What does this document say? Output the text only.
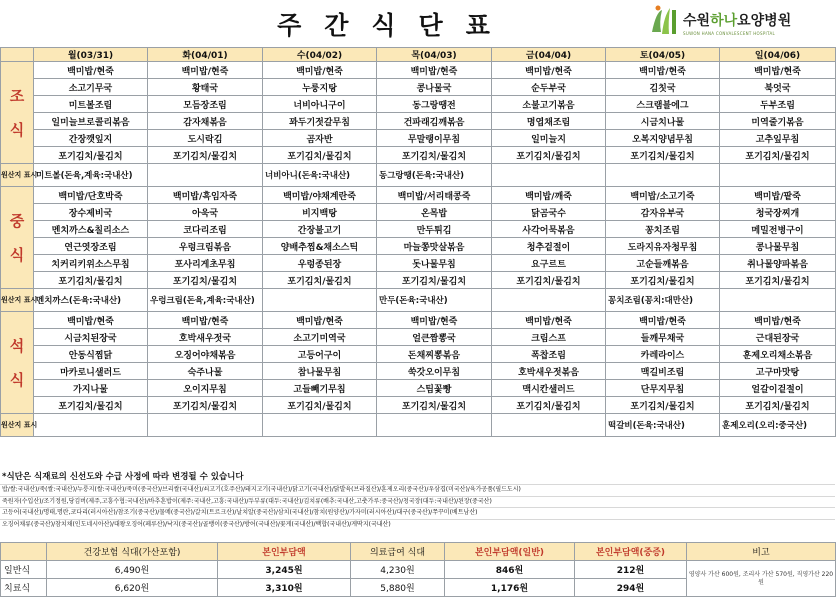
주간식단표	수원하나요양병원
SUWON HANA CONVALESCENT HOSPITAL
	월(03/31)	화(04/01)	수(04/02)	목(04/03)	금(04/04)	토(04/05)	일(04/06)

조
식	백미밥/현죽	백미밥/현죽	백미밥/현죽	백미밥/현죽	백미밥/현죽	백미밥/현죽	백미밥/현죽
	소고기무국	황태국	누룽지탕	콩나물국	순두부국	김칫국	북엇국
	미트볼조림	모듬장조림	너비아니구이	동그랑땡전	소불고기볶음	스크램블에그	두부조림
	일미늘브로콜리볶음	감자채볶음	꽈두기젓갈무침	건파래김깨볶음	명엽채조림	시금치나물	미역줄기볶음
	간장깻잎지	도시락김	곰자반	무말랭이무침	일미늘지	오복지양념무침	고추잎무침
	포기김치/물김치	포기김치/물김치	포기김치/물김치	포기김치/물김치	포기김치/물김치	포기김치/물김치	포기김치/물김치
원산지 표시	미트볼(돈육,계육:국내산)		너비아니(돈육:국내산)	동그랑땡(돈육:국내산)			

중
식	백미밥/단호박죽	백미밥/흑임자죽	백미밥/야채계란죽	백미밥/서리태콩죽	백미밥/깨죽	백미밥/소고기죽	백미밥/팥죽
	장수제비국	아욱국	비지백탕	온목밥	닭곰국수	감자유부국	청국장찌개
	멘치까스&칠리소스	코다리조림	간장불고기	만두튀김	사각어묵볶음	꽁치조림	메밀전병구이
	연근엿장조림	우렁크림볶음	양배추찜&채소스틱	마늘쫑맛살볶음	청추겉절이	도라지유자청무침	콩나물무침
	치커리키위소스무침	포사리게초무침	우렁종된장	돗나물무침	요구르트	고순들깨볶음	취나물양파볶음
	포기김치/물김치	포기김치/물김치	포기김치/물김치	포기김치/물김치	포기김치/물김치	포기김치/물김치	포기김치/물김치
원산지 표시	멘치까스(돈육:국내산)	우렁크림(돈육,계육:국내산)		만두(돈육:국내산)		꽁치조림(꽁치:대만산)	

석
식	백미밥/현죽	백미밥/현죽	백미밥/현죽	백미밥/현죽	백미밥/현죽	백미밥/현죽	백미밥/현죽
	시금치된장국	호박새우젓국	소고기미역국	얼큰짬뽕국	크림스프	들깨무채국	근대된장국
	안동식찜닭	오징어야채볶음	고등어구이	돈채찌뽕볶음	폭찹조림	카레라이스	훈제오리채소볶음
	마카로니샐러드	숙주나물	참나물무침	쑥갓오이무침	호박새우젓볶음	맥길비조림	고구마맛탕
	가지나물	오이지무침	고들빼기무침	스팀꽃빵	맥시칸샐러드	단무지무침	얼갈이겉절이
	포기김치/물김치	포기김치/물김치	포기김치/물김치	포기김치/물김치	포기김치/물김치	포기김치/물김치	포기김치/물김치
원산지 표시						떡갈비(돈육:국내산)	훈제오리(오리:중국산)
*식단은 식재료의 신선도와 수급 사정에 따라 변경될 수 있습니다
밥/쌀:국내산)/죽(쌀:국내산)/누룽지(쌀:국내산)/죽미(중국산)/브리쌀(국내산)/쇠고기(호주산)/돼지고기(국내산)/닭고기(국내산)/닭발육(브라질산)/훈제오리(중국산)/우삼겹(미국산)/육가공품(필드도시)
죽원자(수입산)/조기정원,당김버(제주,고흥수협:국내산)/바추혼밥이(제주:국내산,고흥:국내산)/두부류(대두:국내산)/김치류(배추:국내산,고춧가루:중국산)/청국장(대두:국내산)/된장(중국산)
고등어(국내산)/명태,명란,코다리(러시아산)/참조기(중국산)/물메(중국산)/갈치(트르크산)/날치알(중국산)/삼치(국내산)/참치(원양산)/가자미(러시아산)/대구(중국산)/쭈꾸미(베트남산)
오징어채류(중국산)/참치채(인도네시아산)/대왕오징어(페루산)/낙지(중국산)/골뱅이(중국산)/방어(국내산)/꽃게(국내산)/백합(국내산)/게딱지(국내산)
	건강보험 식대(가산포함)	본인부담액	의료급여 식대	본인부담액(일반)	본인부담액(중증)	비고
일반식	6,490원	3,245원	4,230원	846원	212원	영양사 가산 600원, 조리사 가산 570원, 직영가산 220원
치료식	6,620원	3,310원	5,880원	1,176원	294원	
